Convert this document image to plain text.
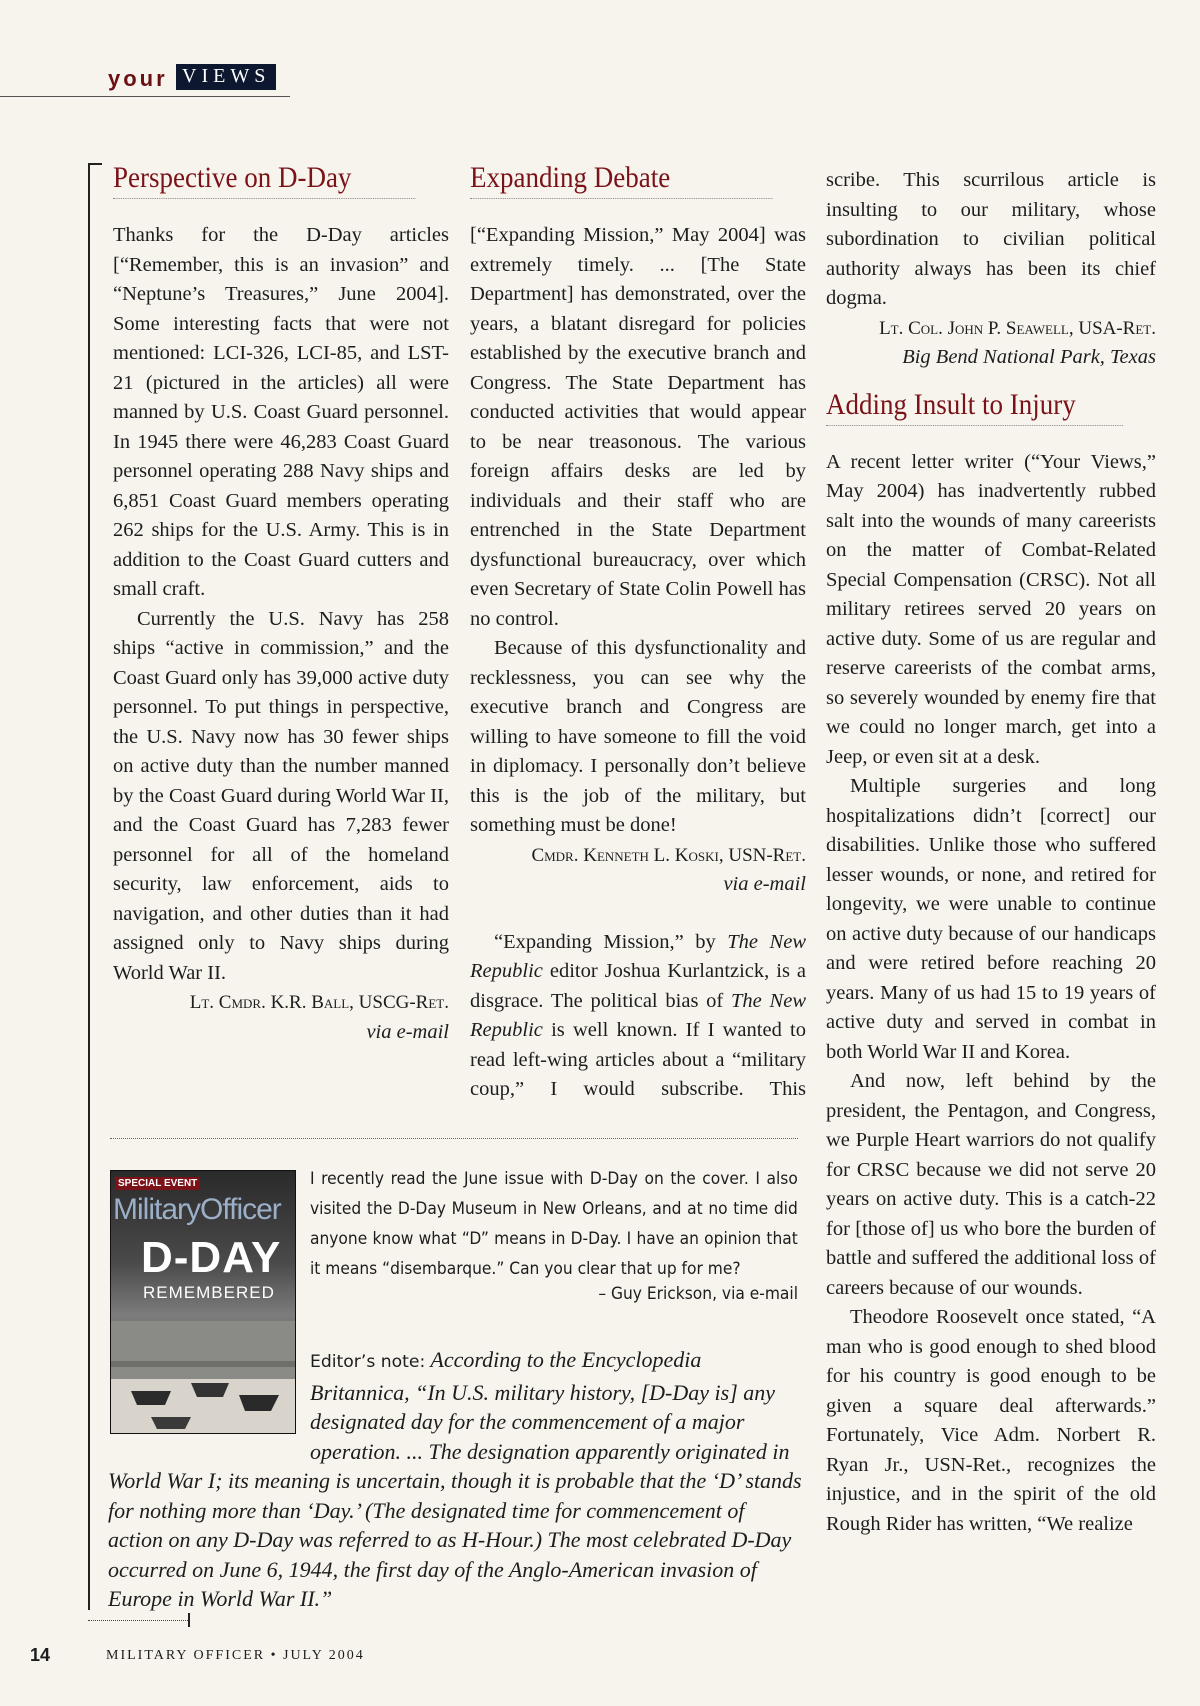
your VIEWS
Perspective on D-Day

Thanks for the D-Day articles [“Remember, this is an invasion” and “Neptune’s Treasures,” June 2004]. Some interesting facts that were not mentioned: LCI-326, LCI-85, and LST-21 (pictured in the articles) all were manned by U.S. Coast Guard personnel. In 1945 there were 46,283 Coast Guard personnel operating 288 Navy ships and 6,851 Coast Guard members operating 262 ships for the U.S. Army. This is in addition to the Coast Guard cutters and small craft.

Currently the U.S. Navy has 258 ships “active in commission,” and the Coast Guard only has 39,000 active duty personnel. To put things in perspective, the U.S. Navy now has 30 fewer ships on active duty than the number manned by the Coast Guard during World War II, and the Coast Guard has 7,283 fewer personnel for all of the homeland security, law enforcement, aids to navigation, and other duties than it had assigned only to Navy ships during World War II.

Lt. Cmdr. K.R. Ball, USCG-Ret.

via e-mail

Expanding Debate

[“Expanding Mission,” May 2004] was extremely timely. ... [The State Department] has demonstrated, over the years, a blatant disregard for policies established by the executive branch and Congress. The State Department has conducted activities that would appear to be near treasonous. The various foreign affairs desks are led by individuals and their staff who are entrenched in the State Department dysfunctional bureaucracy, over which even Secretary of State Colin Powell has no control.

Because of this dysfunctionality and recklessness, you can see why the executive branch and Congress are willing to have someone to fill the void in diplomacy. I personally don’t believe this is the job of the military, but something must be done!

Cmdr. Kenneth L. Koski, USN-Ret.

via e-mail

“Expanding Mission,” by The New Republic editor Joshua Kurlantzick, is a disgrace. The political bias of The New Republic is well known. If I wanted to read left-wing articles about a “military coup,” I would subscribe. This

scribe. This scurrilous article is insulting to our military, whose subordination to civilian political authority always has been its chief dogma.

Lt. Col. John P. Seawell, USA-Ret.

Big Bend National Park, Texas

Adding Insult to Injury

A recent letter writer (“Your Views,” May 2004) has inadvertently rubbed salt into the wounds of many careerists on the matter of Combat-Related Special Compensation (CRSC). Not all military retirees served 20 years on active duty. Some of us are regular and reserve careerists of the combat arms, so severely wounded by enemy fire that we could no longer march, get into a Jeep, or even sit at a desk.

Multiple surgeries and long hospitalizations didn’t [correct] our disabilities. Unlike those who suffered lesser wounds, or none, and retired for longevity, we were unable to continue on active duty because of our handicaps and were retired before reaching 20 years. Many of us had 15 to 19 years of active duty and served in combat in both World War II and Korea.

And now, left behind by the president, the Pentagon, and Congress, we Purple Heart warriors do not qualify for CRSC because we did not serve 20 years on active duty. This is a catch-22 for [those of] us who bore the burden of battle and suffered the additional loss of careers because of our wounds.

Theodore Roosevelt once stated, “A man who is good enough to shed blood for his country is good enough to be given a square deal afterwards.” Fortunately, Vice Adm. Norbert R. Ryan Jr., USN-Ret., recognizes the injustice, and in the spirit of the old Rough Rider has written, “We realize

SPECIAL EVENT
MilitaryOfficer
D-DAY
REMEMBERED
I recently read the June issue with D-Day on the cover. I also visited the D-Day Museum in New Orleans, and at no time did anyone know what “D” means in D-Day. I have an opinion that it means “disembarque.” Can you clear that up for me?
– Guy Erickson, via e-mail
Editor’s note: According to the Encyclopedia Britannica, “In U.S. military history, [D-Day is] any designated day for the commencement of a major operation. ... The designation apparently originated in World War I; its meaning is uncertain, though it is probable that the ‘D’ stands for nothing more than ‘Day.’ (The designated time for commencement of action on any D-Day was referred to as H-Hour.) The most celebrated D-Day occurred on June 6, 1944, the first day of the Anglo-American invasion of Europe in World War II.”
14	MILITARY OFFICER • JULY 2004
